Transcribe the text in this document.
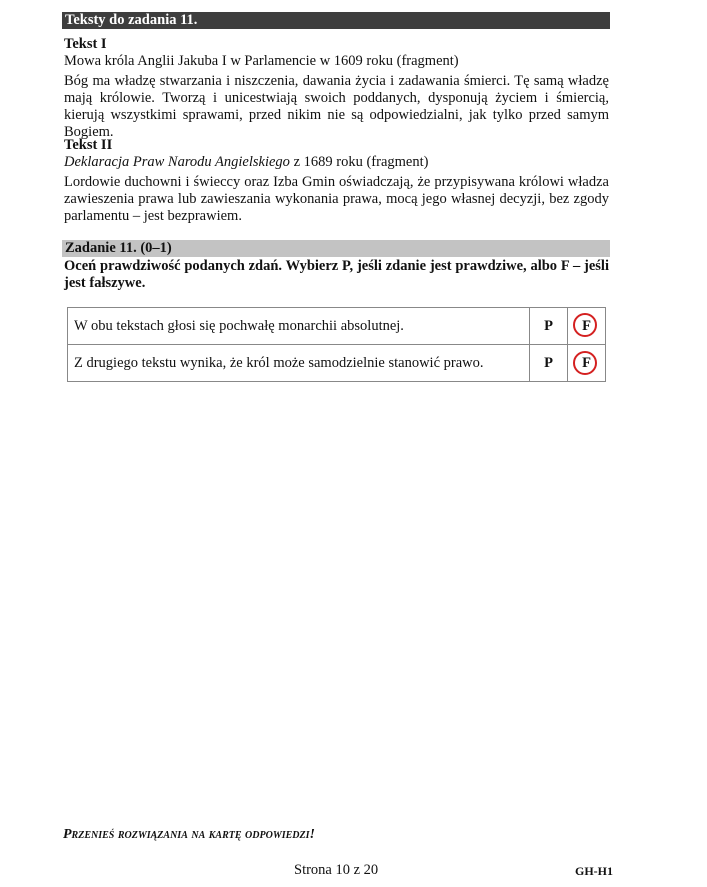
Teksty do zadania 11.
Tekst I
Mowa króla Anglii Jakuba I w Parlamencie w 1609 roku (fragment)
Bóg ma władzę stwarzania i niszczenia, dawania życia i zadawania śmierci. Tę samą władzę mają królowie. Tworzą i unicestwiają swoich poddanych, dysponują życiem i śmiercią, kierują wszystkimi sprawami, przed nikim nie są odpowiedzialni, jak tylko przed samym Bogiem.
Tekst II
Deklaracja Praw Narodu Angielskiego z 1689 roku (fragment)
Lordowie duchowni i świeccy oraz Izba Gmin oświadczają, że przypisywana królowi władza zawieszenia prawa lub zawieszania wykonania prawa, mocą jego własnej decyzji, bez zgody parlamentu – jest bezprawiem.
Zadanie 11. (0–1)
Oceń prawdziwość podanych zdań. Wybierz P, jeśli zdanie jest prawdziwe, albo F – jeśli jest fałszywe.
W obu tekstach głosi się pochwałę monarchii absolutnej.	P	F
Z drugiego tekstu wynika, że król może samodzielnie stanowić prawo.	P	F
Przenieś rozwiązania na kartę odpowiedzi!
Strona 10 z 20	GH-H1
